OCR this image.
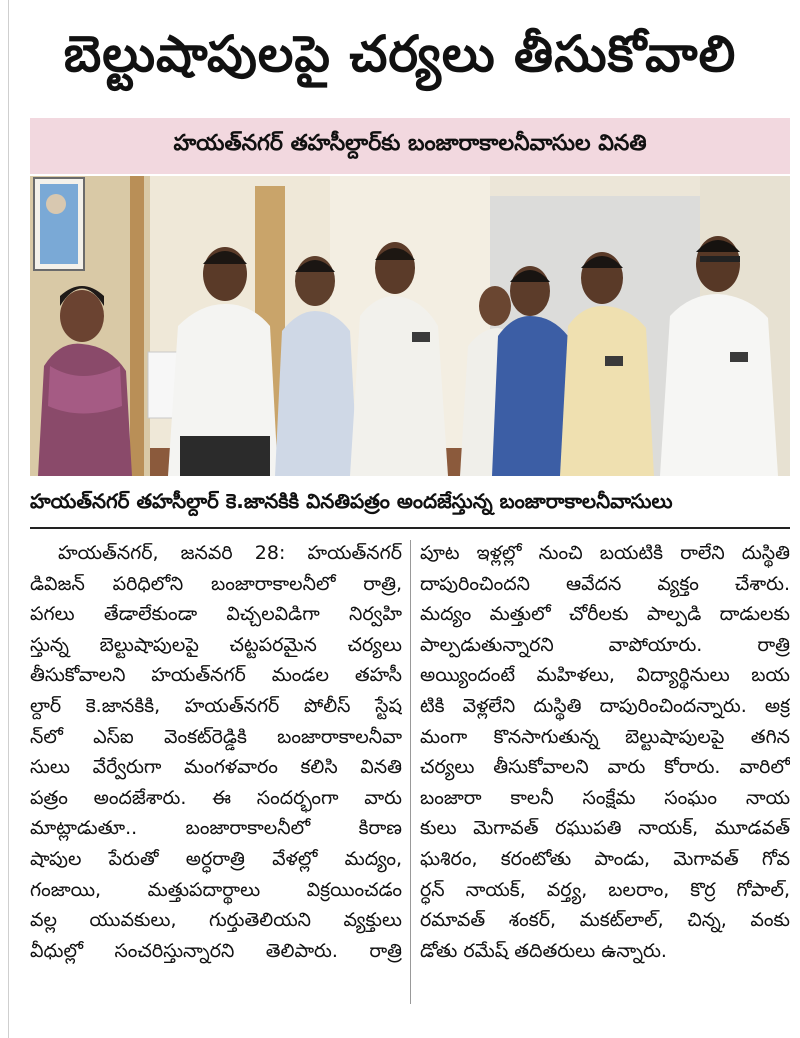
బెల్టుషాపులపై చర్యలు తీసుకోవాలి
హయత్‌నగర్ తహసీల్దార్‌కు బంజారాకాలనీవాసుల వినతి
హయత్‌నగర్ తహసీల్దార్ కె.జానకికి వినతిపత్రం అందజేస్తున్న బంజారాకాలనీవాసులు
హయత్‌నగర్, జనవరి 28: హయత్‌నగర్
డివిజన్ పరిధిలోని బంజారాకాలనీలో రాత్రి,
పగలు తేడాలేకుండా విచ్చలవిడిగా నిర్వహి
స్తున్న బెల్టుషాపులపై చట్టపరమైన చర్యలు
తీసుకోవాలని హయత్‌నగర్ మండల తహసీ
ల్దార్ కె.జానకికి, హయత్‌నగర్ పోలీస్ స్టేష
న్‌లో ఎస్‌ఐ వెంకట్‌రెడ్డికి బంజారాకాలనీవా
సులు వేర్వేరుగా మంగళవారం కలిసి వినతి
పత్రం అందజేశారు. ఈ సందర్భంగా వారు
మాట్లాడుతూ.. బంజారాకాలనీలో కిరాణ
షాపుల పేరుతో అర్ధరాత్రి వేళల్లో మద్యం,
గంజాయి, మత్తుపదార్థాలు విక్రయించడం
వల్ల యువకులు, గుర్తుతెలియని వ్యక్తులు
వీధుల్లో సంచరిస్తున్నారని తెలిపారు. రాత్రి
పూట ఇళ్లల్లో నుంచి బయటికి రాలేని దుస్థితి
దాపురించిందని ఆవేదన వ్యక్తం చేశారు.
మద్యం మత్తులో చోరీలకు పాల్పడి దాడులకు
పాల్పడుతున్నారని వాపోయారు. రాత్రి
అయ్యిందంటే మహిళలు, విద్యార్థినులు బయ
టికి వెళ్లలేని దుస్థితి దాపురించిందన్నారు. అక్ర
మంగా కొనసాగుతున్న బెల్టుషాపులపై తగిన
చర్యలు తీసుకోవాలని వారు కోరారు. వారిలో
బంజారా కాలనీ సంక్షేమ సంఘం నాయ
కులు మెగావత్ రఘుపతి నాయక్, మూడవత్
ఘశిరం, కరంటోతు పాండు, మెగావత్ గోవ
ర్ధన్ నాయక్, వర్త్య, బలరాం, కొర్ర గోపాల్,
రమావత్ శంకర్, మకట్‌లాల్, చిన్న, వంకు
డోతు రమేష్ తదితరులు ఉన్నారు.
